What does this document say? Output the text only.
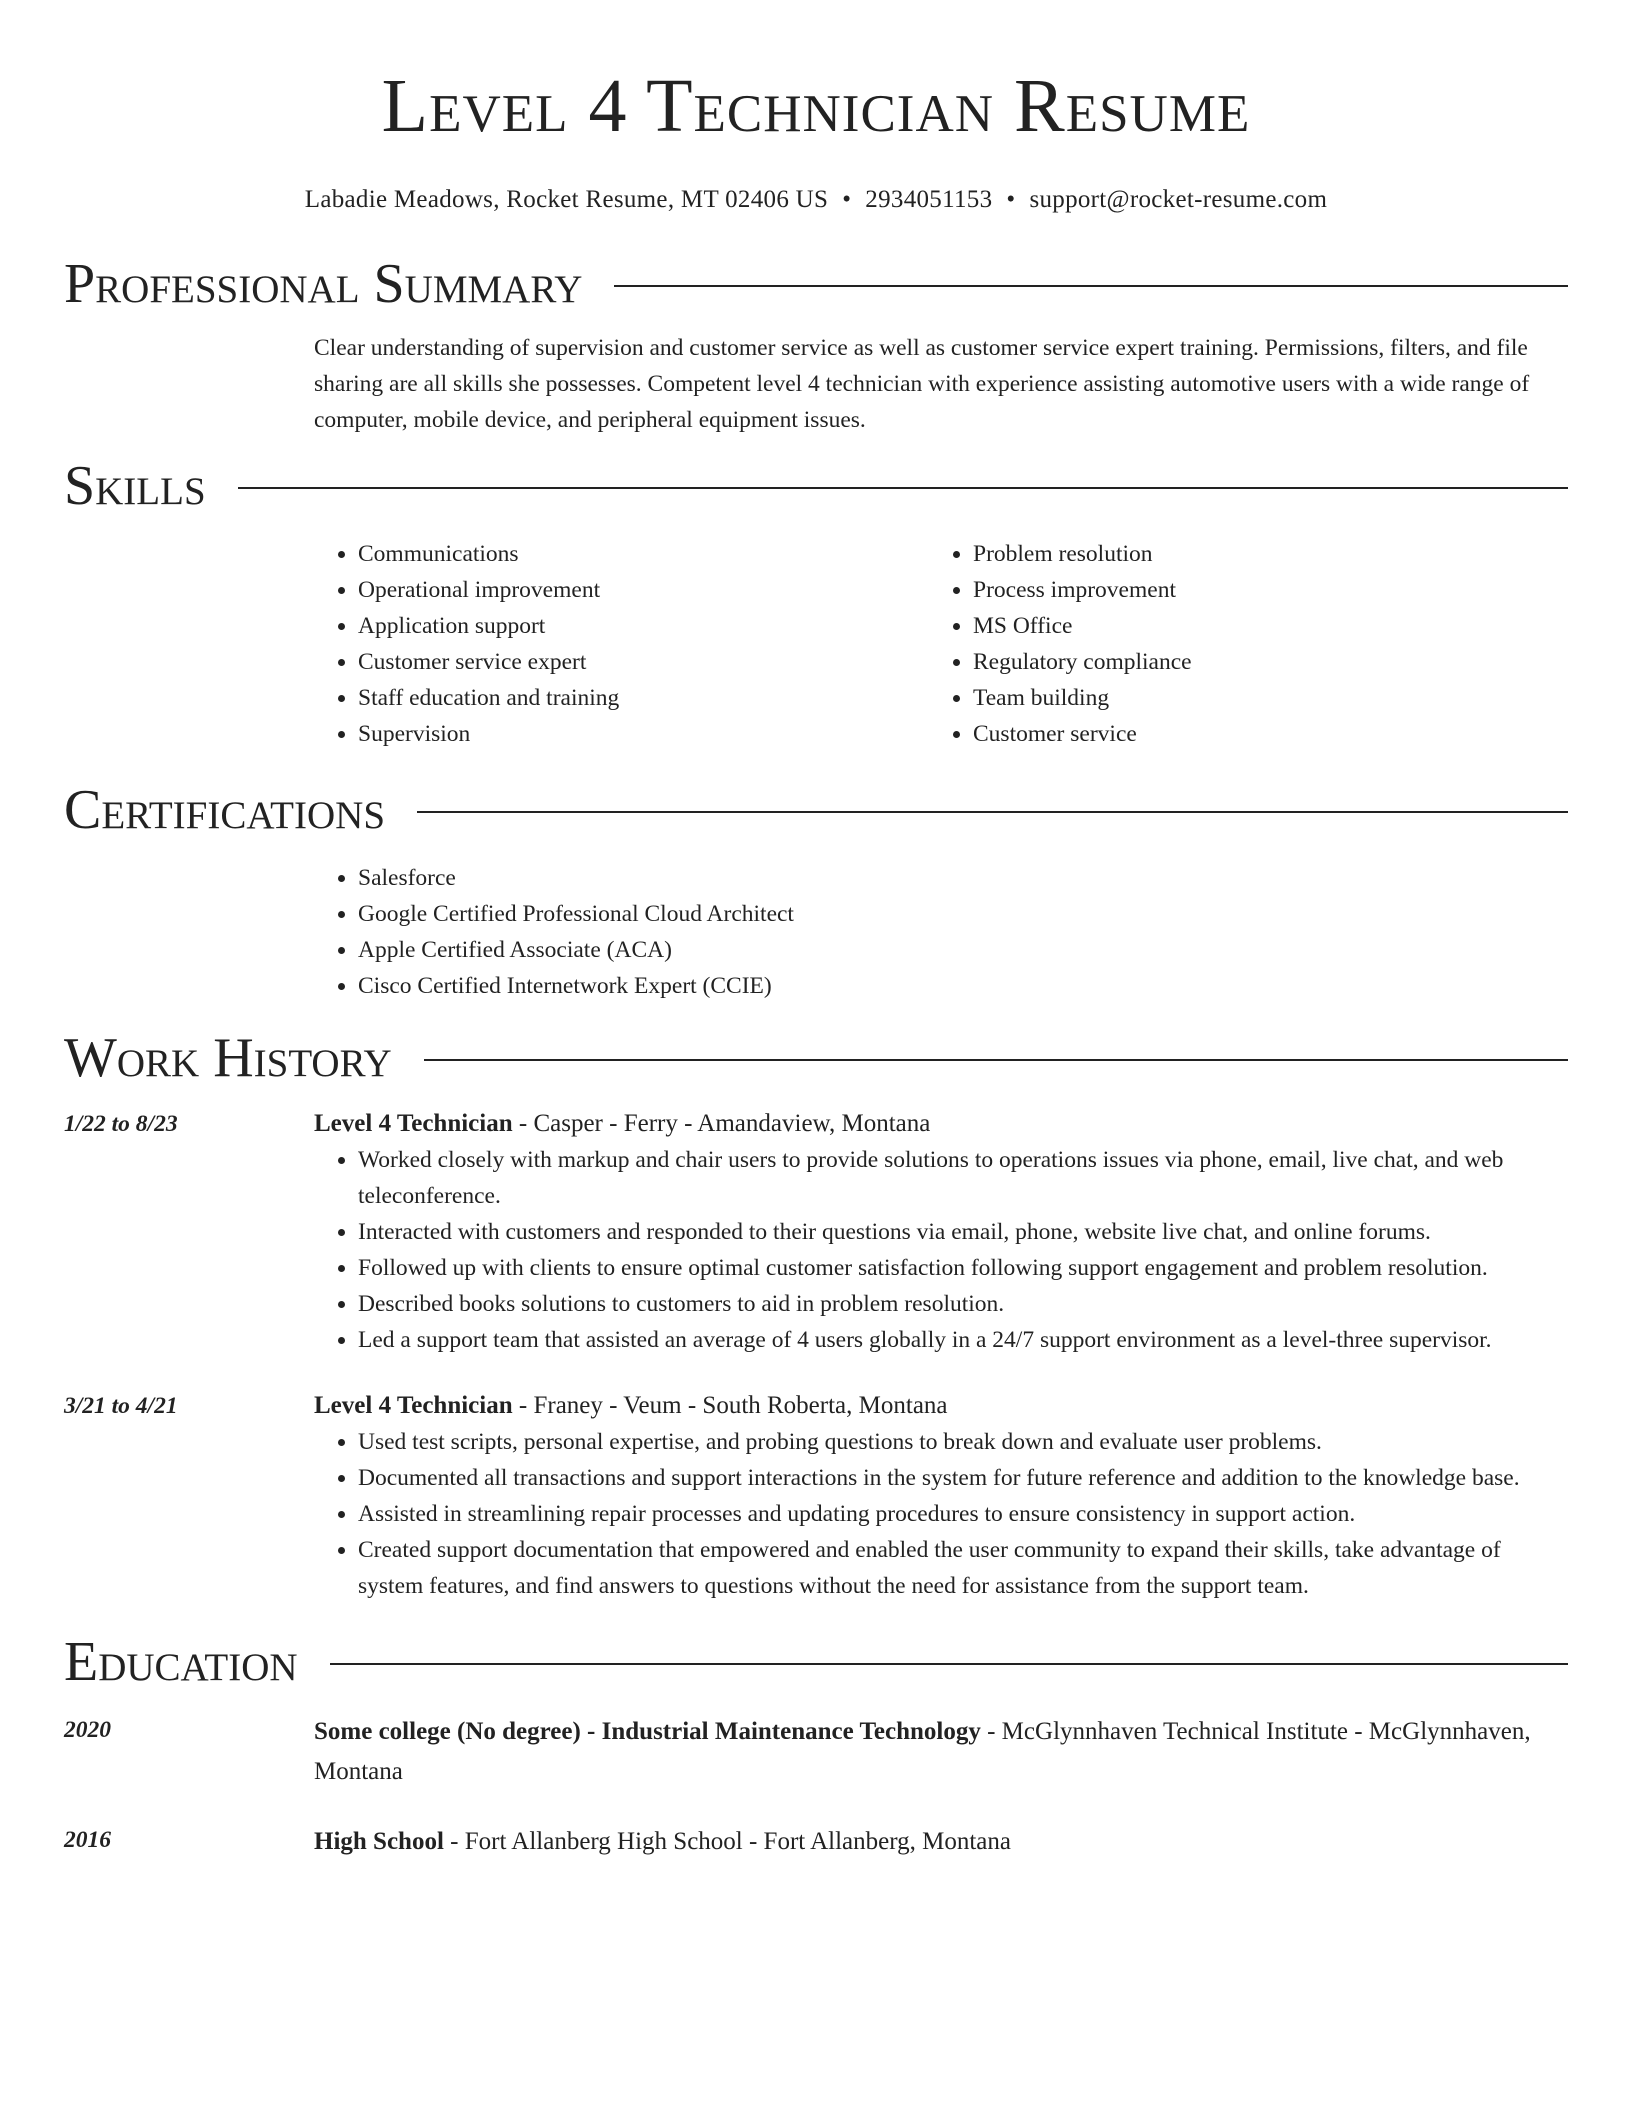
Level 4 Technician Resume
Labadie Meadows, Rocket Resume, MT 02406 US • 2934051153 • support@rocket-resume.com
Professional Summary
Clear understanding of supervision and customer service as well as customer service expert training. Permissions, filters, and file sharing are all skills she possesses. Competent level 4 technician with experience assisting automotive users with a wide range of computer, mobile device, and peripheral equipment issues.
Skills
• Communications
• Operational improvement
• Application support
• Customer service expert
• Staff education and training
• Supervision
• Problem resolution
• Process improvement
• MS Office
• Regulatory compliance
• Team building
• Customer service
Certifications
• Salesforce
• Google Certified Professional Cloud Architect
• Apple Certified Associate (ACA)
• Cisco Certified Internetwork Expert (CCIE)
Work History
1/22 to 8/23	Level 4 Technician - Casper - Ferry - Amandaview, Montana
• Worked closely with markup and chair users to provide solutions to operations issues via phone, email, live chat, and web teleconference.
• Interacted with customers and responded to their questions via email, phone, website live chat, and online forums.
• Followed up with clients to ensure optimal customer satisfaction following support engagement and problem resolution.
• Described books solutions to customers to aid in problem resolution.
• Led a support team that assisted an average of 4 users globally in a 24/7 support environment as a level-three supervisor.
3/21 to 4/21	Level 4 Technician - Franey - Veum - South Roberta, Montana
• Used test scripts, personal expertise, and probing questions to break down and evaluate user problems.
• Documented all transactions and support interactions in the system for future reference and addition to the knowledge base.
• Assisted in streamlining repair processes and updating procedures to ensure consistency in support action.
• Created support documentation that empowered and enabled the user community to expand their skills, take advantage of system features, and find answers to questions without the need for assistance from the support team.
Education
2020	Some college (No degree) - Industrial Maintenance Technology - McGlynnhaven Technical Institute - McGlynnhaven, Montana
2016	High School - Fort Allanberg High School - Fort Allanberg, Montana
